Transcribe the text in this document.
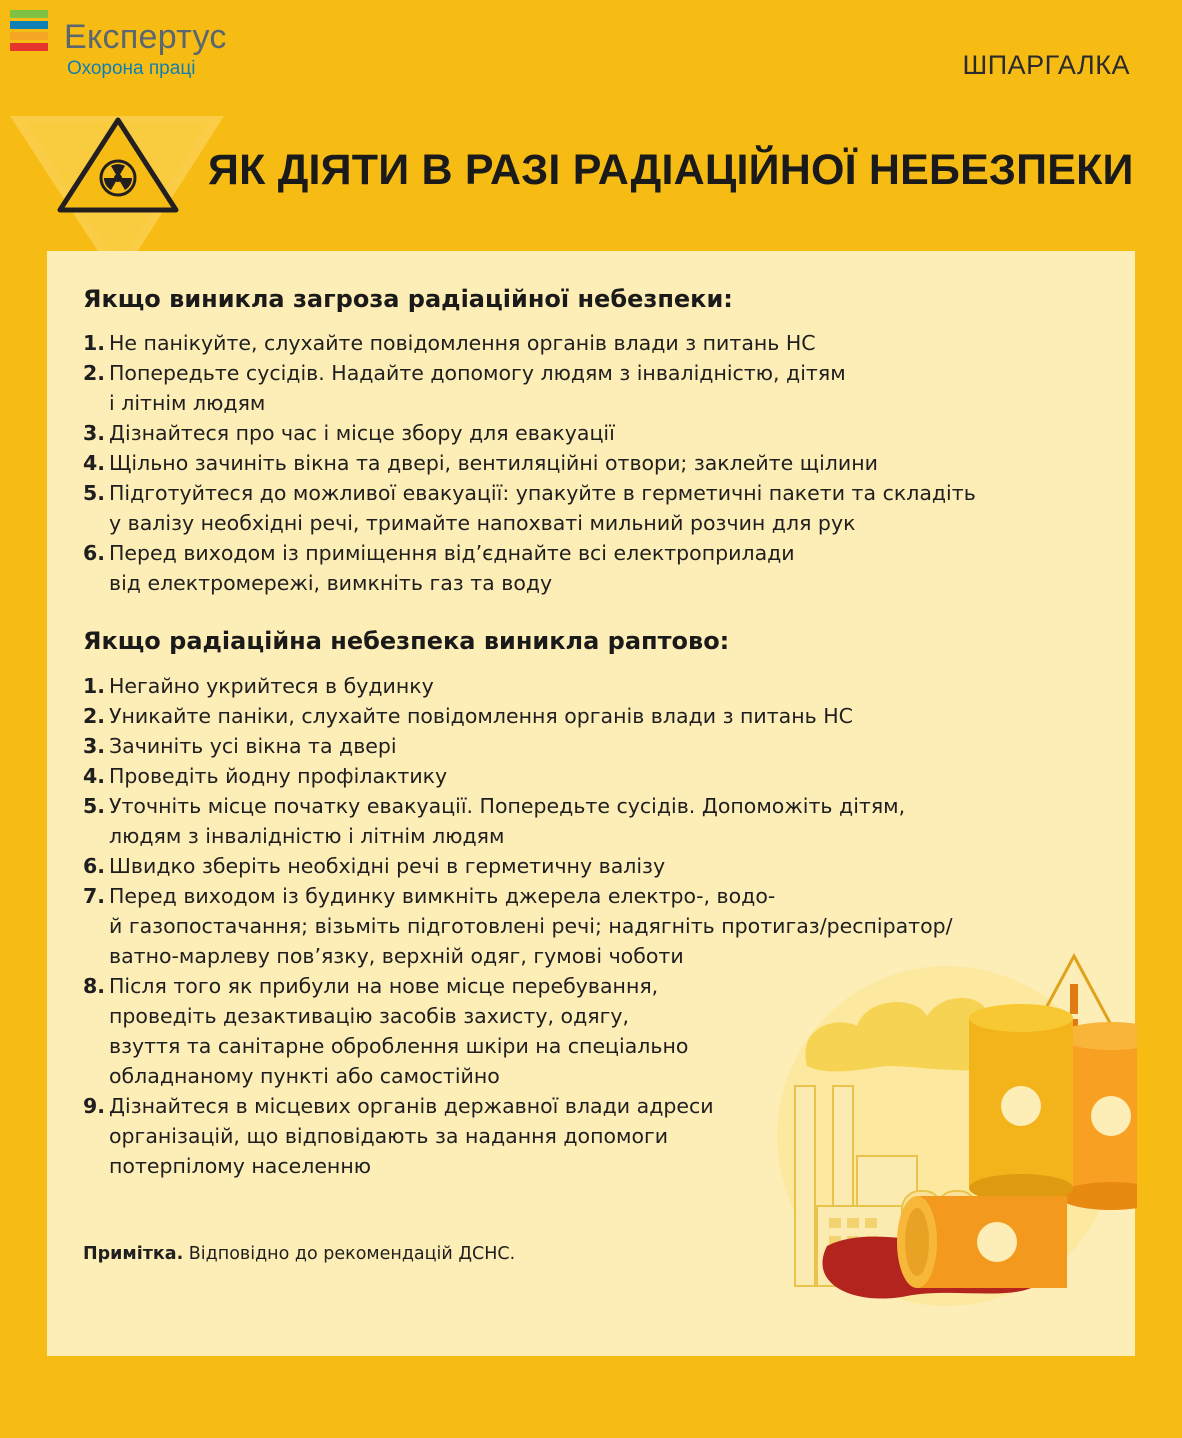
Експертус
Охорона праці	ШПАРГАЛКА
ЯК ДІЯТИ В РАЗІ РАДІАЦІЙНОЇ НЕБЕЗПЕКИ
Якщо виникла загроза радіаційної небезпеки:
1. Не панікуйте, слухайте повідомлення органів влади з питань НС
2. Попередьте сусідів. Надайте допомогу людям з інвалідністю, дітям
і літнім людям
3. Дізнайтеся про час і місце збору для евакуації
4. Щільно зачиніть вікна та двері, вентиляційні отвори; заклейте щілини
5. Підготуйтеся до можливої евакуації: упакуйте в герметичні пакети та складіть
у валізу необхідні речі, тримайте напохваті мильний розчин для рук
6. Перед виходом із приміщення від’єднайте всі електроприлади
від електромережі, вимкніть газ та воду
Якщо радіаційна небезпека виникла раптово:
1. Негайно укрийтеся в будинку
2. Уникайте паніки, слухайте повідомлення органів влади з питань НС
3. Зачиніть усі вікна та двері
4. Проведіть йодну профілактику
5. Уточніть місце початку евакуації. Попередьте сусідів. Допоможіть дітям,
людям з інвалідністю і літнім людям
6. Швидко зберіть необхідні речі в герметичну валізу
7. Перед виходом із будинку вимкніть джерела електро-, водо-
й газопостачання; візьміть підготовлені речі; надягніть протигаз/респіратор/
ватно-марлеву пов’язку, верхній одяг, гумові чоботи
8. Після того як прибули на нове місце перебування,
проведіть дезактивацію засобів захисту, одягу,
взуття та санітарне оброблення шкіри на спеціально
обладнаному пункті або самостійно
9. Дізнайтеся в місцевих органів державної влади адреси
організацій, що відповідають за надання допомоги
потерпілому населенню
Примітка. Відповідно до рекомендацій ДСНС.
